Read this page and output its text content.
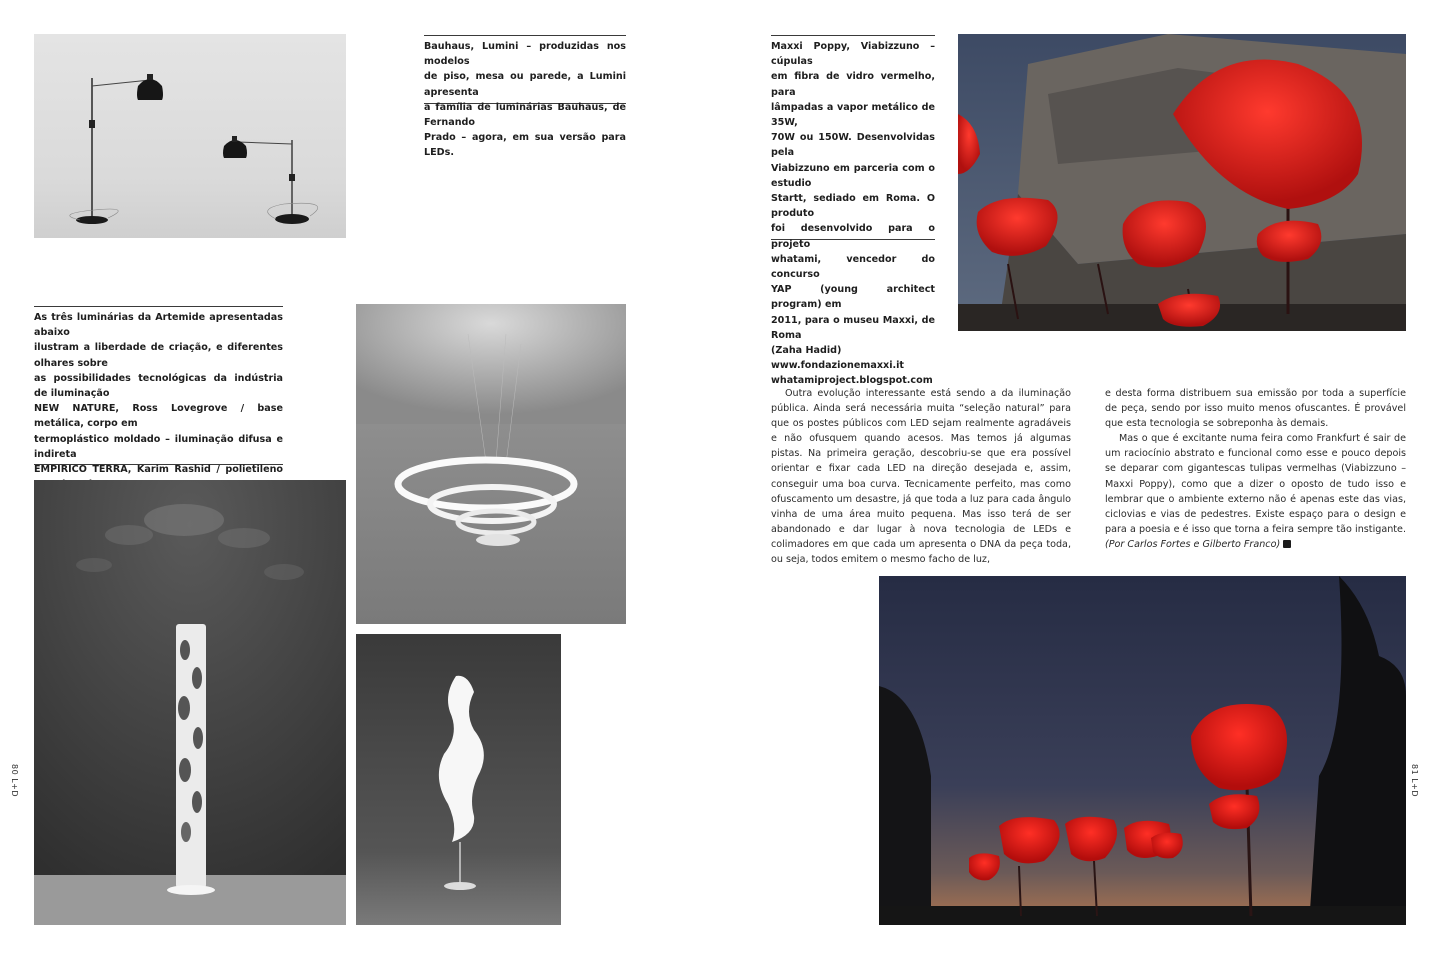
Bauhaus, Lumini – produzidas nos modelos
de piso, mesa ou parede, a Lumini apresenta
a família de luminárias Bauhaus, de Fernando
Prado – agora, em sua versão para LEDs.

As três luminárias da Artemide apresentadas abaixo
ilustram a liberdade de criação, e diferentes olhares sobre
as possibilidades tecnológicas da indústria de iluminação
NEW NATURE, Ross Lovegrove / base metálica, corpo em
termoplástico moldado – iluminação difusa e indireta
EMPIRICO TERRA, Karim Rashid / polietileno

80 L+D

Maxxi Poppy, Viabizzuno – cúpulas
em fibra de vidro vermelho, para
lâmpadas a vapor metálico de 35W,
70W ou 150W. Desenvolvidas pela
Viabizzuno em parceria com o estudio
Startt, sediado em Roma. O produto
foi desenvolvido para o projeto
whatami, vencedor do concurso
YAP (young architect program) em
2011, para o museu Maxxi, de Roma
(Zaha Hadid)
www.fondazionemaxxi.it
whatamiproject.blogspot.com

Outra evolução interessante está sendo a da iluminação pública. Ainda será necessária muita “seleção natural” para que os postes públicos com LED sejam realmente agradáveis e não ofusquem quando acesos. Mas temos já algumas pistas. Na primeira geração, descobriu-se que era possível orientar e fixar cada LED na direção desejada e, assim, conseguir uma boa curva. Tecnicamente perfeito, mas como ofuscamento um desastre, já que toda a luz para cada ângulo vinha de uma área muito pequena. Mas isso terá de ser abandonado e dar lugar à nova tecnologia de LEDs e colimadores em que cada um apresenta o DNA da peça toda, ou seja, todos emitem o mesmo facho de luz,

e desta forma distribuem sua emissão por toda a superfície de peça, sendo por isso muito menos ofuscantes. É provável que esta tecnologia se sobreponha às demais.

Mas o que é excitante numa feira como Frankfurt é sair de um raciocínio abstrato e funcional como esse e pouco depois se deparar com gigantescas tulipas vermelhas (Viabizzuno – Maxxi Poppy), como que a dizer o oposto de tudo isso e lembrar que o ambiente externo não é apenas este das vias, ciclovias e vias de pedestres. Existe espaço para o design e para a poesia e é isso que torna a feira sempre tão instigante. (Por Carlos Fortes e Gilberto Franco)

81 L+D
